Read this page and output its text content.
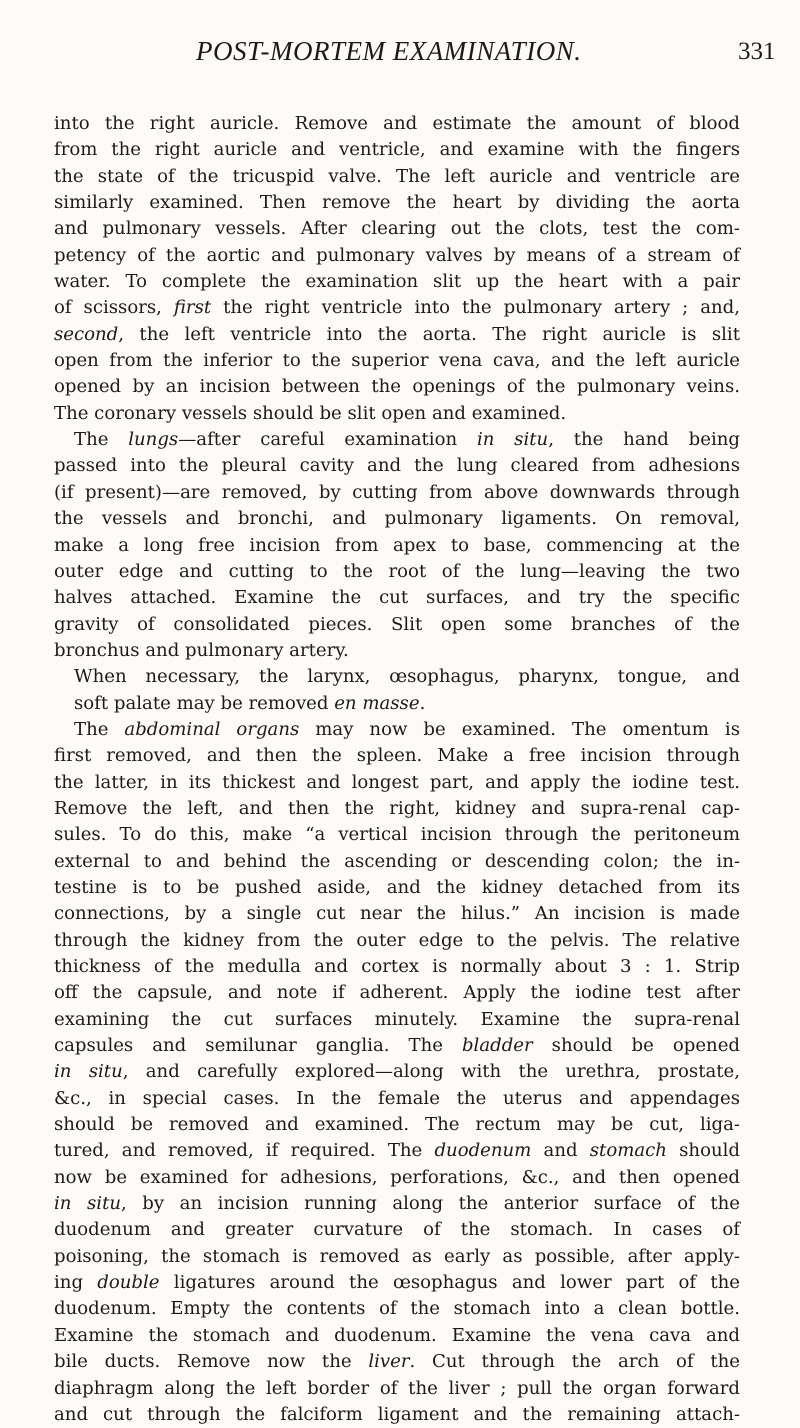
POST-MORTEM EXAMINATION.	331
into the right auricle. Remove and estimate the amount of blood
from the right auricle and ventricle, and examine with the fingers
the state of the tricuspid valve. The left auricle and ventricle are
similarly examined. Then remove the heart by dividing the aorta
and pulmonary vessels. After clearing out the clots, test the com-
petency of the aortic and pulmonary valves by means of a stream of
water. To complete the examination slit up the heart with a pair
of scissors, first the right ventricle into the pulmonary artery ; and,
second, the left ventricle into the aorta. The right auricle is slit
open from the inferior to the superior vena cava, and the left auricle
opened by an incision between the openings of the pulmonary veins.
The coronary vessels should be slit open and examined.
The lungs—after careful examination in situ, the hand being
passed into the pleural cavity and the lung cleared from adhesions
(if present)—are removed, by cutting from above downwards through
the vessels and bronchi, and pulmonary ligaments. On removal,
make a long free incision from apex to base, commencing at the
outer edge and cutting to the root of the lung—leaving the two
halves attached. Examine the cut surfaces, and try the specific
gravity of consolidated pieces. Slit open some branches of the
bronchus and pulmonary artery.
When necessary, the larynx, œsophagus, pharynx, tongue, and
soft palate may be removed en masse.
The abdominal organs may now be examined. The omentum is
first removed, and then the spleen. Make a free incision through
the latter, in its thickest and longest part, and apply the iodine test.
Remove the left, and then the right, kidney and supra-renal cap-
sules. To do this, make “a vertical incision through the peritoneum
external to and behind the ascending or descending colon; the in-
testine is to be pushed aside, and the kidney detached from its
connections, by a single cut near the hilus.” An incision is made
through the kidney from the outer edge to the pelvis. The relative
thickness of the medulla and cortex is normally about 3 : 1. Strip
off the capsule, and note if adherent. Apply the iodine test after
examining the cut surfaces minutely. Examine the supra-renal
capsules and semilunar ganglia. The bladder should be opened
in situ, and carefully explored—along with the urethra, prostate,
&c., in special cases. In the female the uterus and appendages
should be removed and examined. The rectum may be cut, liga-
tured, and removed, if required. The duodenum and stomach should
now be examined for adhesions, perforations, &c., and then opened
in situ, by an incision running along the anterior surface of the
duodenum and greater curvature of the stomach. In cases of
poisoning, the stomach is removed as early as possible, after apply-
ing double ligatures around the œsophagus and lower part of the
duodenum. Empty the contents of the stomach into a clean bottle.
Examine the stomach and duodenum. Examine the vena cava and
bile ducts. Remove now the liver. Cut through the arch of the
diaphragm along the left border of the liver ; pull the organ forward
and cut through the falciform ligament and the remaining attach-
